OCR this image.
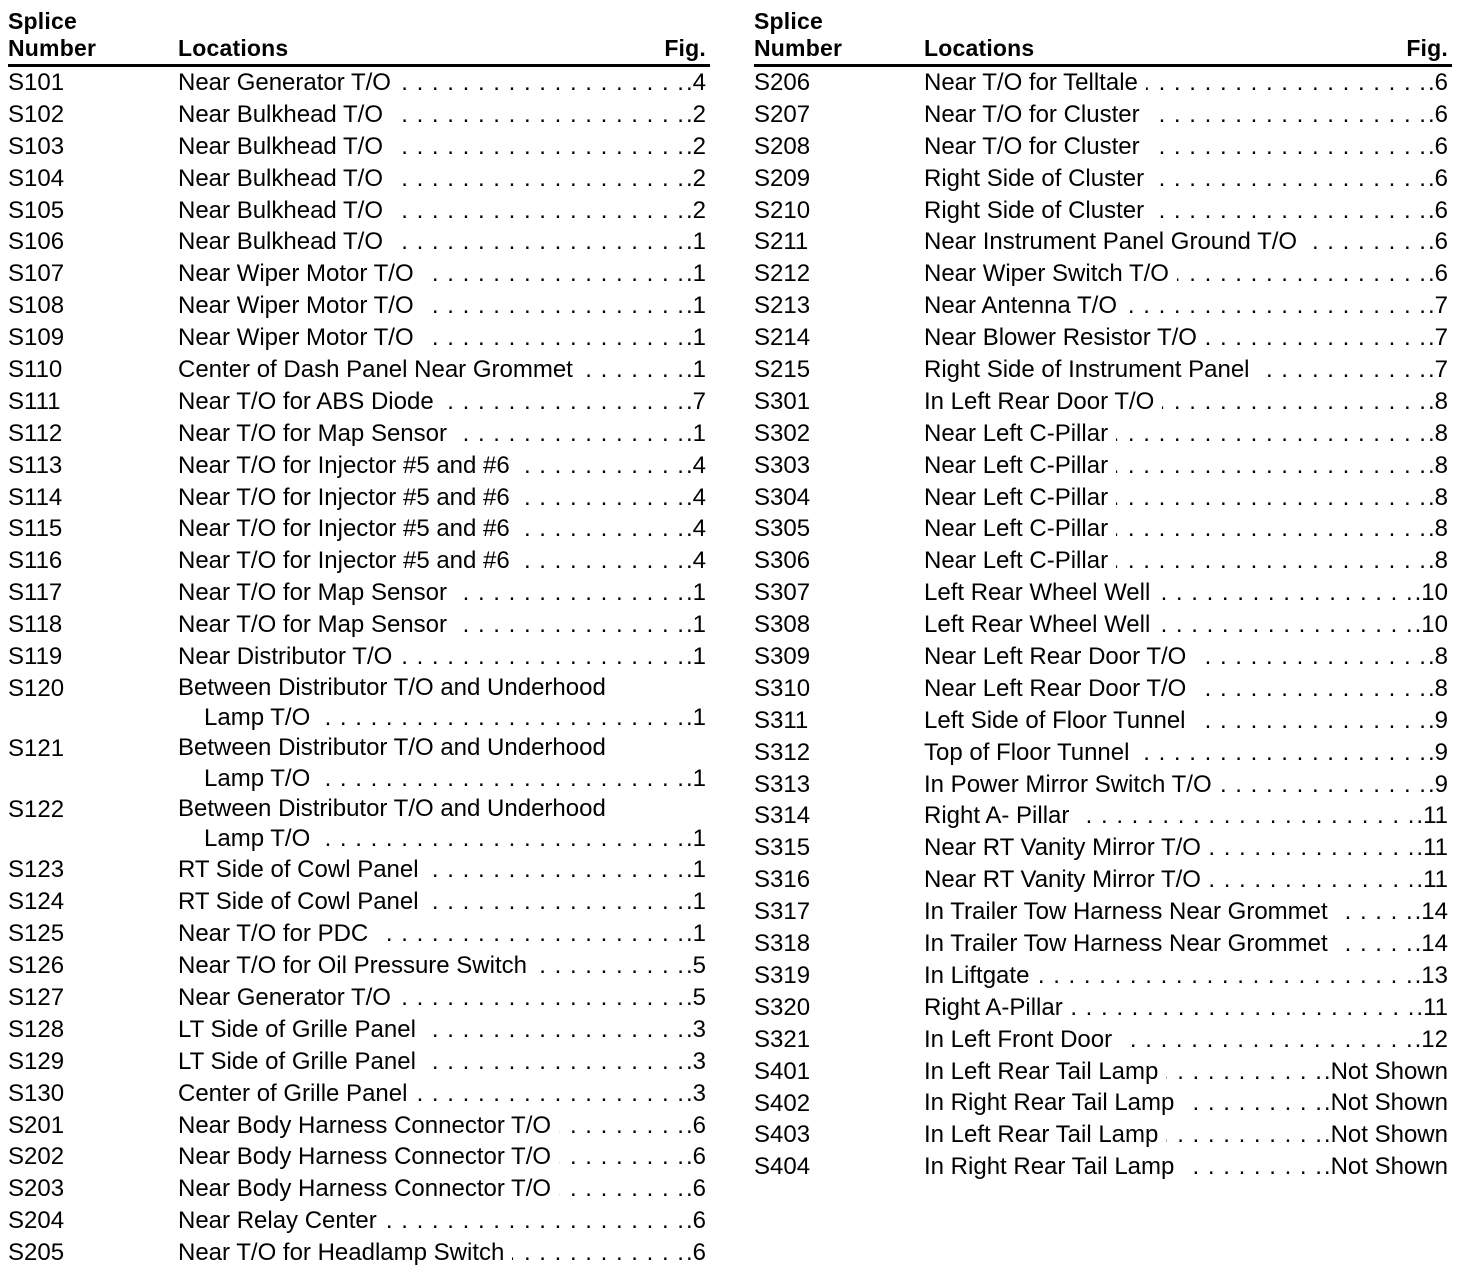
Splice
Number	Locations	Fig.
S101	Near Generator T/O . . .	.4
S102	Near Bulkhead T/O . . .	.2
S103	Near Bulkhead T/O . . .	.2
S104	Near Bulkhead T/O . . .	.2
S105	Near Bulkhead T/O . . .	.2
S106	Near Bulkhead T/O . . .	.1
S107	Near Wiper Motor T/O . . .	.1
S108	Near Wiper Motor T/O . . .	.1
S109	Near Wiper Motor T/O . . .	.1
S110	Center of Dash Panel Near Grommet . . .	.1
S111	Near T/O for ABS Diode . . .	.7
S112	Near T/O for Map Sensor . . .	.1
S113	Near T/O for Injector #5 and #6 . . .	.4
S114	Near T/O for Injector #5 and #6 . . .	.4
S115	Near T/O for Injector #5 and #6 . . .	.4
S116	Near T/O for Injector #5 and #6 . . .	.4
S117	Near T/O for Map Sensor . . .	.1
S118	Near T/O for Map Sensor . . .	.1
S119	Near Distributor T/O . . .	.1
S120	Between Distributor T/O and Underhood
Lamp T/O . . .	.1
S121	Between Distributor T/O and Underhood
Lamp T/O . . .	.1
S122	Between Distributor T/O and Underhood
Lamp T/O . . .	.1
S123	RT Side of Cowl Panel . . .	.1
S124	RT Side of Cowl Panel . . .	.1
S125	Near T/O for PDC . . .	.1
S126	Near T/O for Oil Pressure Switch . . .	.5
S127	Near Generator T/O . . .	.5
S128	LT Side of Grille Panel . . .	.3
S129	LT Side of Grille Panel . . .	.3
S130	Center of Grille Panel . . .	.3
S201	Near Body Harness Connector T/O . . .	.6
S202	Near Body Harness Connector T/O . . .	.6
S203	Near Body Harness Connector T/O . . .	.6
S204	Near Relay Center . . .	.6
S205	Near T/O for Headlamp Switch . . .	.6
Splice
Number	Locations	Fig.
S206	Near T/O for Telltale . . .	.6
S207	Near T/O for Cluster . . .	.6
S208	Near T/O for Cluster . . .	.6
S209	Right Side of Cluster . . .	.6
S210	Right Side of Cluster . . .	.6
S211	Near Instrument Panel Ground T/O . . .	.6
S212	Near Wiper Switch T/O . . .	.6
S213	Near Antenna T/O . . .	.7
S214	Near Blower Resistor T/O . . .	.7
S215	Right Side of Instrument Panel . . .	.7
S301	In Left Rear Door T/O . . .	.8
S302	Near Left C-Pillar . . .	.8
S303	Near Left C-Pillar . . .	.8
S304	Near Left C-Pillar . . .	.8
S305	Near Left C-Pillar . . .	.8
S306	Near Left C-Pillar . . .	.8
S307	Left Rear Wheel Well . . .	.10
S308	Left Rear Wheel Well . . .	.10
S309	Near Left Rear Door T/O . . .	.8
S310	Near Left Rear Door T/O . . .	.8
S311	Left Side of Floor Tunnel . . .	.9
S312	Top of Floor Tunnel . . .	.9
S313	In Power Mirror Switch T/O . . .	.9
S314	Right A- Pillar . . .	.11
S315	Near RT Vanity Mirror T/O . . .	.11
S316	Near RT Vanity Mirror T/O . . .	.11
S317	In Trailer Tow Harness Near Grommet . . .	.14
S318	In Trailer Tow Harness Near Grommet . . .	.14
S319	In Liftgate . . .	.13
S320	Right A-Pillar . . .	.11
S321	In Left Front Door . . .	.12
S401	In Left Rear Tail Lamp . . .	.Not Shown
S402	In Right Rear Tail Lamp . . .	.Not Shown
S403	In Left Rear Tail Lamp . . .	.Not Shown
S404	In Right Rear Tail Lamp . . .	.Not Shown
